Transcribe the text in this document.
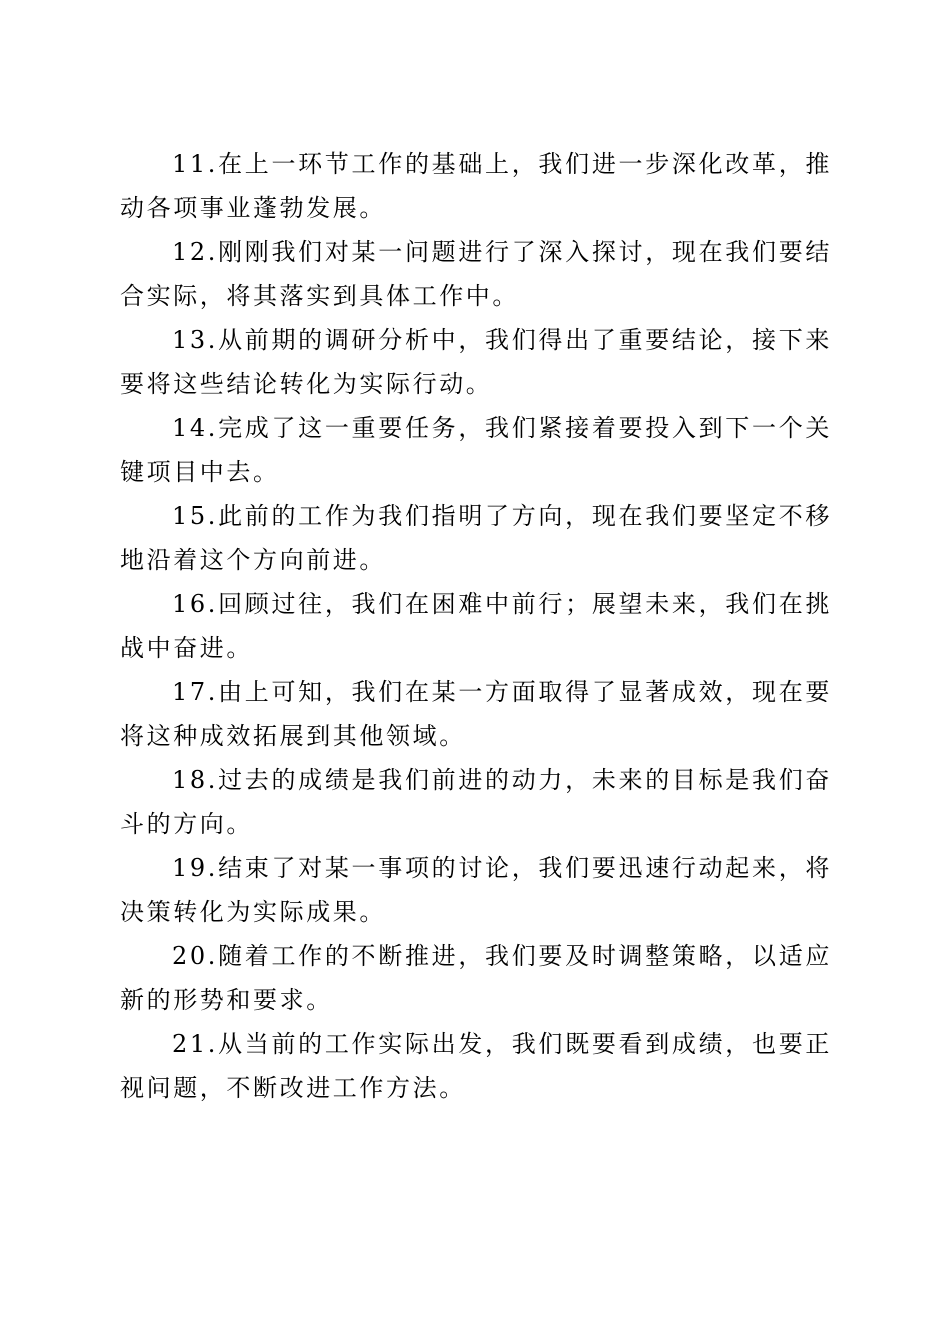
11.在上一环节工作的基础上，我们进一步深化改革，推动各项事业蓬勃发展。

12.刚刚我们对某一问题进行了深入探讨，现在我们要结合实际，将其落实到具体工作中。

13.从前期的调研分析中，我们得出了重要结论，接下来要将这些结论转化为实际行动。

14.完成了这一重要任务，我们紧接着要投入到下一个关键项目中去。

15.此前的工作为我们指明了方向，现在我们要坚定不移地沿着这个方向前进。

16.回顾过往，我们在困难中前行；展望未来，我们在挑战中奋进。

17.由上可知，我们在某一方面取得了显著成效，现在要将这种成效拓展到其他领域。

18.过去的成绩是我们前进的动力，未来的目标是我们奋斗的方向。

19.结束了对某一事项的讨论，我们要迅速行动起来，将决策转化为实际成果。

20.随着工作的不断推进，我们要及时调整策略，以适应新的形势和要求。

21.从当前的工作实际出发，我们既要看到成绩，也要正视问题，不断改进工作方法。
